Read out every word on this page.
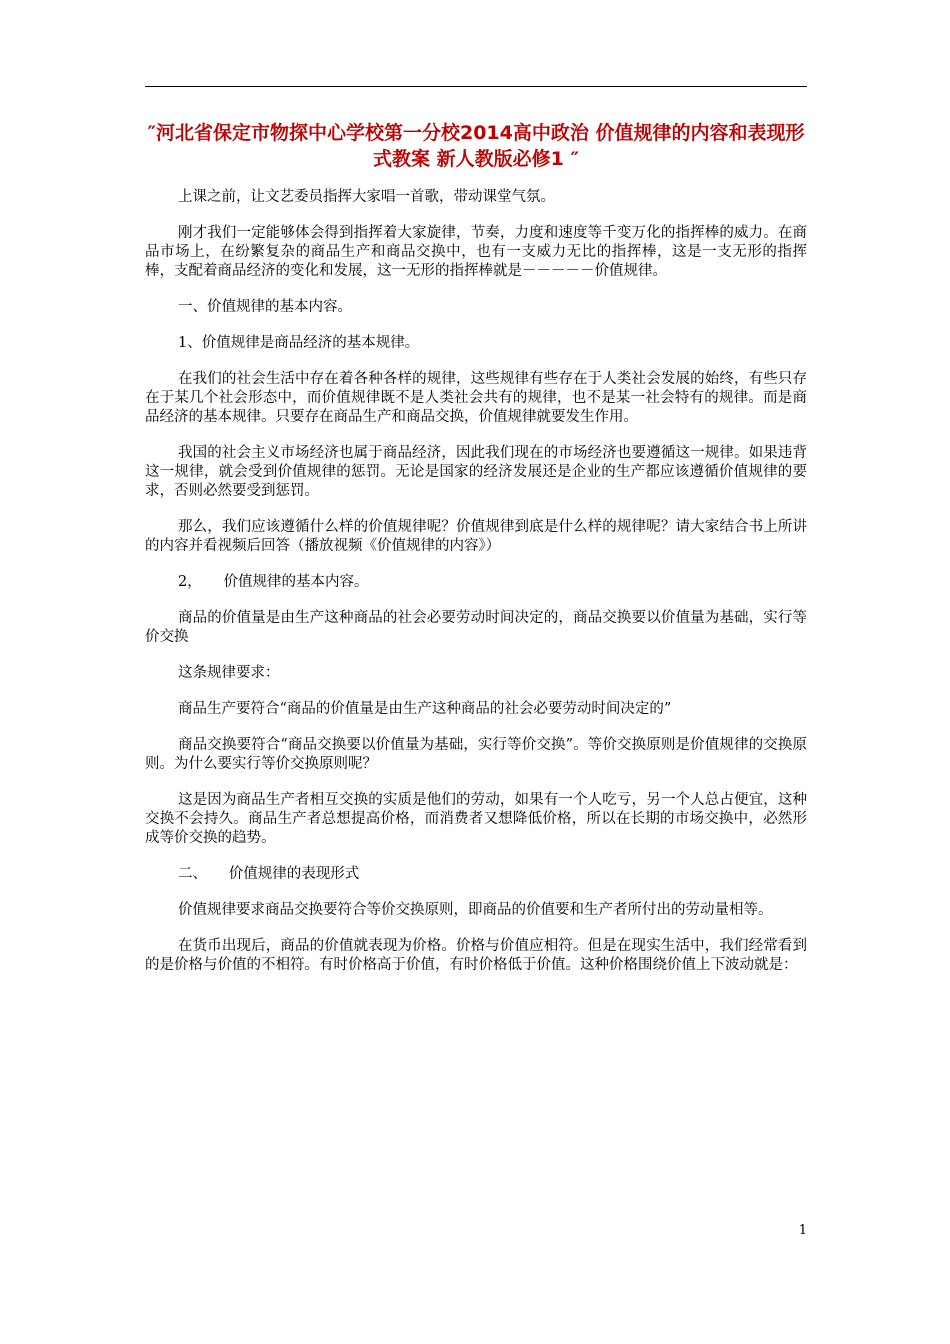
″河北省保定市物探中心学校第一分校2014高中政治 价值规律的内容和表现形式教案 新人教版必修1 ″

上课之前，让文艺委员指挥大家唱一首歌，带动课堂气氛。

刚才我们一定能够体会得到指挥着大家旋律，节奏，力度和速度等千变万化的指挥棒的威力。在商品市场上，在纷繁复杂的商品生产和商品交换中，也有一支威力无比的指挥棒，这是一支无形的指挥棒，支配着商品经济的变化和发展，这一无形的指挥棒就是－－－－－价值规律。

一、价值规律的基本内容。

1、价值规律是商品经济的基本规律。

在我们的社会生活中存在着各种各样的规律，这些规律有些存在于人类社会发展的始终，有些只存在于某几个社会形态中，而价值规律既不是人类社会共有的规律，也不是某一社会特有的规律。而是商品经济的基本规律。只要存在商品生产和商品交换，价值规律就要发生作用。

我国的社会主义市场经济也属于商品经济，因此我们现在的市场经济也要遵循这一规律。如果违背这一规律，就会受到价值规律的惩罚。无论是国家的经济发展还是企业的生产都应该遵循价值规律的要求，否则必然要受到惩罚。

那么，我们应该遵循什么样的价值规律呢？价值规律到底是什么样的规律呢？请大家结合书上所讲的内容并看视频后回答（播放视频《价值规律的内容》）

2，　　价值规律的基本内容。

商品的价值量是由生产这种商品的社会必要劳动时间决定的，商品交换要以价值量为基础，实行等价交换

这条规律要求：

商品生产要符合“商品的价值量是由生产这种商品的社会必要劳动时间决定的”

商品交换要符合“商品交换要以价值量为基础，实行等价交换”。等价交换原则是价值规律的交换原则。为什么要实行等价交换原则呢？

这是因为商品生产者相互交换的实质是他们的劳动，如果有一个人吃亏，另一个人总占便宜，这种交换不会持久。商品生产者总想提高价格，而消费者又想降低价格，所以在长期的市场交换中，必然形成等价交换的趋势。

二、　　价值规律的表现形式

价值规律要求商品交换要符合等价交换原则，即商品的价值要和生产者所付出的劳动量相等。

在货币出现后，商品的价值就表现为价格。价格与价值应相符。但是在现实生活中，我们经常看到的是价格与价值的不相符。有时价格高于价值，有时价格低于价值。这种价格围绕价值上下波动就是：

1
